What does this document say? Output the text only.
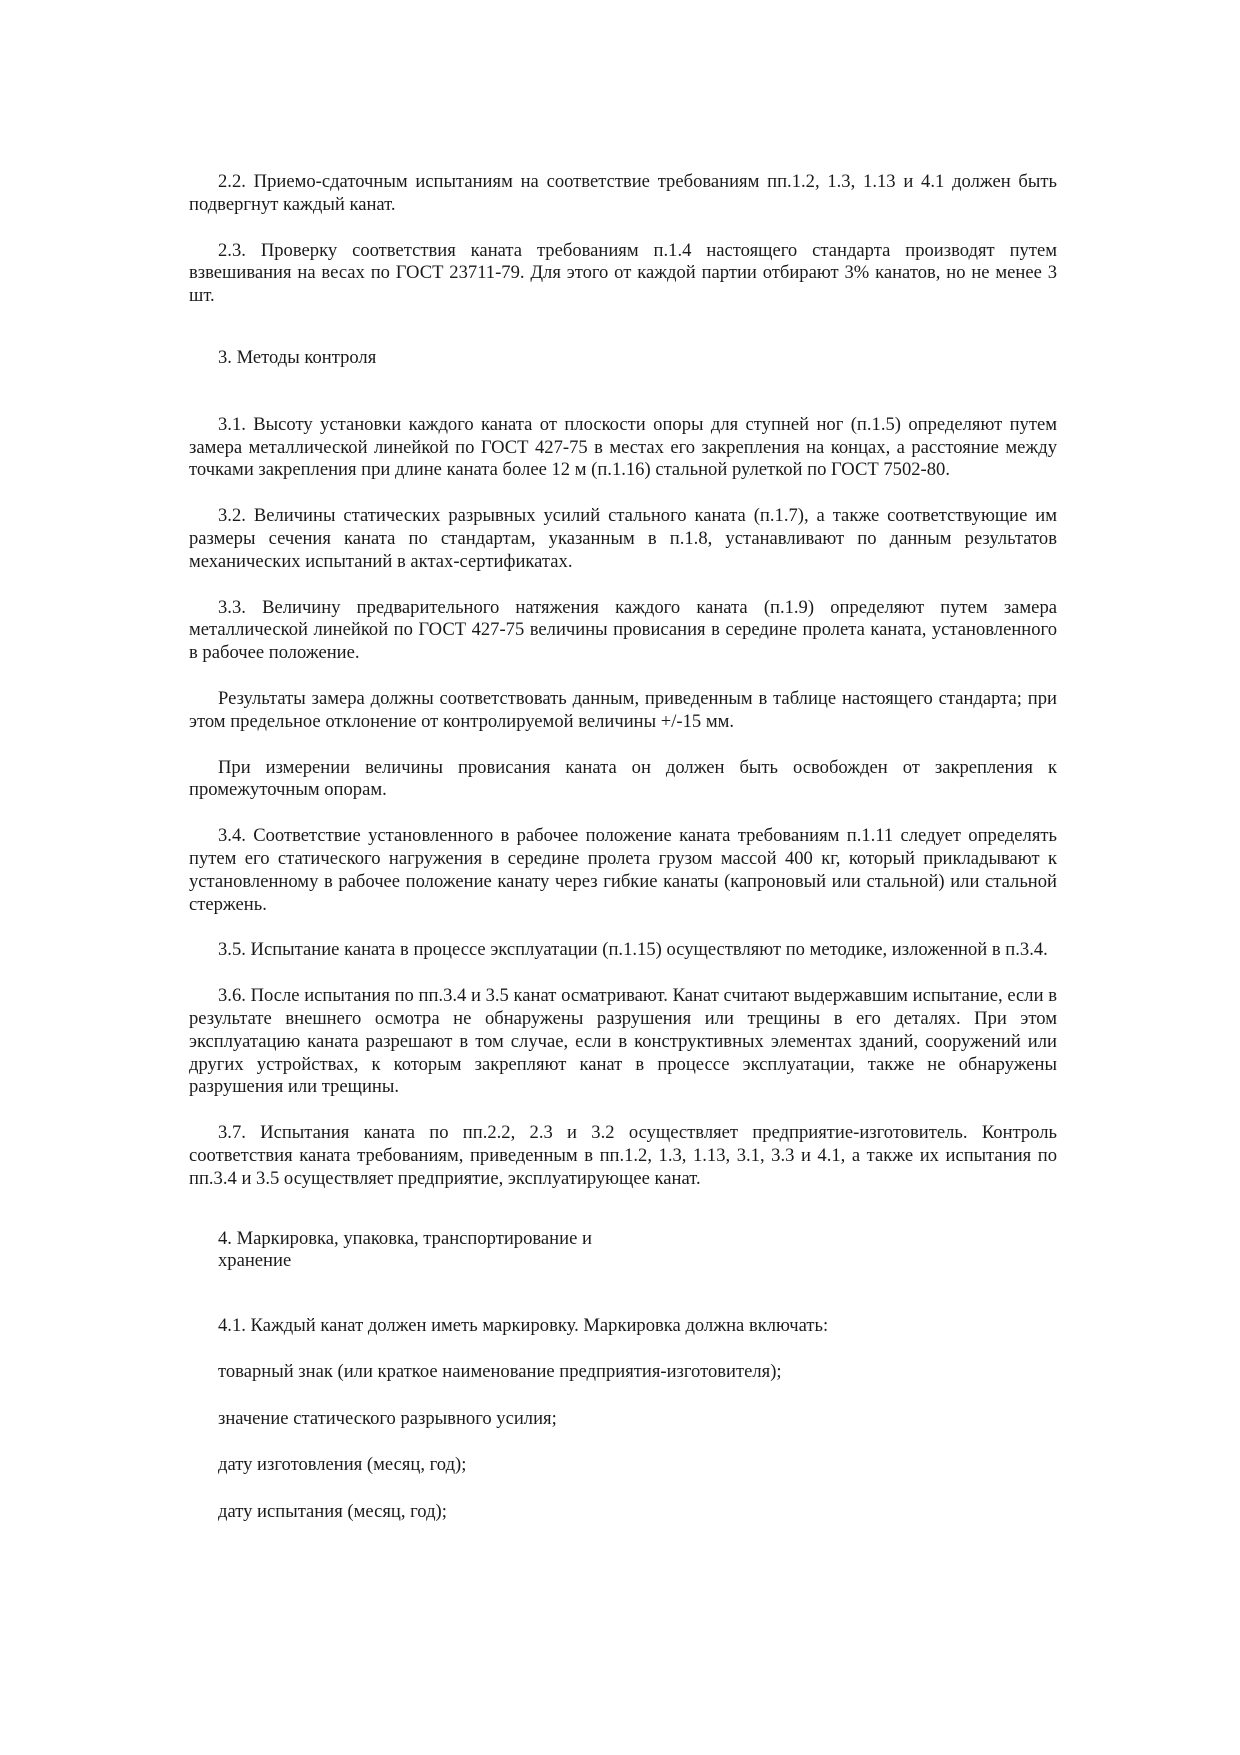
2.2. Приемо-сдаточным испытаниям на соответствие требованиям пп.1.2, 1.3, 1.13 и 4.1 должен быть подвергнут каждый канат.

2.3. Проверку соответствия каната требованиям п.1.4 настоящего стандарта производят путем взвешивания на весах по ГОСТ 23711-79. Для этого от каждой партии отбирают 3% канатов, но не менее 3 шт.

3. Методы контроля

3.1. Высоту установки каждого каната от плоскости опоры для ступней ног (п.1.5) определяют путем замера металлической линейкой по ГОСТ 427-75 в местах его закрепления на концах, а расстояние между точками закрепления при длине каната более 12 м (п.1.16) стальной рулеткой по ГОСТ 7502-80.

3.2. Величины статических разрывных усилий стального каната (п.1.7), а также соответствующие им размеры сечения каната по стандартам, указанным в п.1.8, устанавливают по данным результатов механических испытаний в актах-сертификатах.

3.3. Величину предварительного натяжения каждого каната (п.1.9) определяют путем замера металлической линейкой по ГОСТ 427-75 величины провисания в середине пролета каната, установленного в рабочее положение.

Результаты замера должны соответствовать данным, приведенным в таблице настоящего стандарта; при этом предельное отклонение от контролируемой величины +/-15 мм.

При измерении величины провисания каната он должен быть освобожден от закрепления к промежуточным опорам.

3.4. Соответствие установленного в рабочее положение каната требованиям п.1.11 следует определять путем его статического нагружения в середине пролета грузом массой 400 кг, который прикладывают к установленному в рабочее положение канату через гибкие канаты (капроновый или стальной) или стальной стержень.

3.5. Испытание каната в процессе эксплуатации (п.1.15) осуществляют по методике, изложенной в п.3.4.

3.6. После испытания по пп.3.4 и 3.5 канат осматривают. Канат считают выдержавшим испытание, если в результате внешнего осмотра не обнаружены разрушения или трещины в его деталях. При этом эксплуатацию каната разрешают в том случае, если в конструктивных элементах зданий, сооружений или других устройствах, к которым закрепляют канат в процессе эксплуатации, также не обнаружены разрушения или трещины.

3.7. Испытания каната по пп.2.2, 2.3 и 3.2 осуществляет предприятие-изготовитель. Контроль соответствия каната требованиям, приведенным в пп.1.2, 1.3, 1.13, 3.1, 3.3 и 4.1, а также их испытания по пп.3.4 и 3.5 осуществляет предприятие, эксплуатирующее канат.

4. Маркировка, упаковка, транспортирование и хранение

4.1. Каждый канат должен иметь маркировку. Маркировка должна включать:

товарный знак (или краткое наименование предприятия-изготовителя);

значение статического разрывного усилия;

дату изготовления (месяц, год);

дату испытания (месяц, год);
